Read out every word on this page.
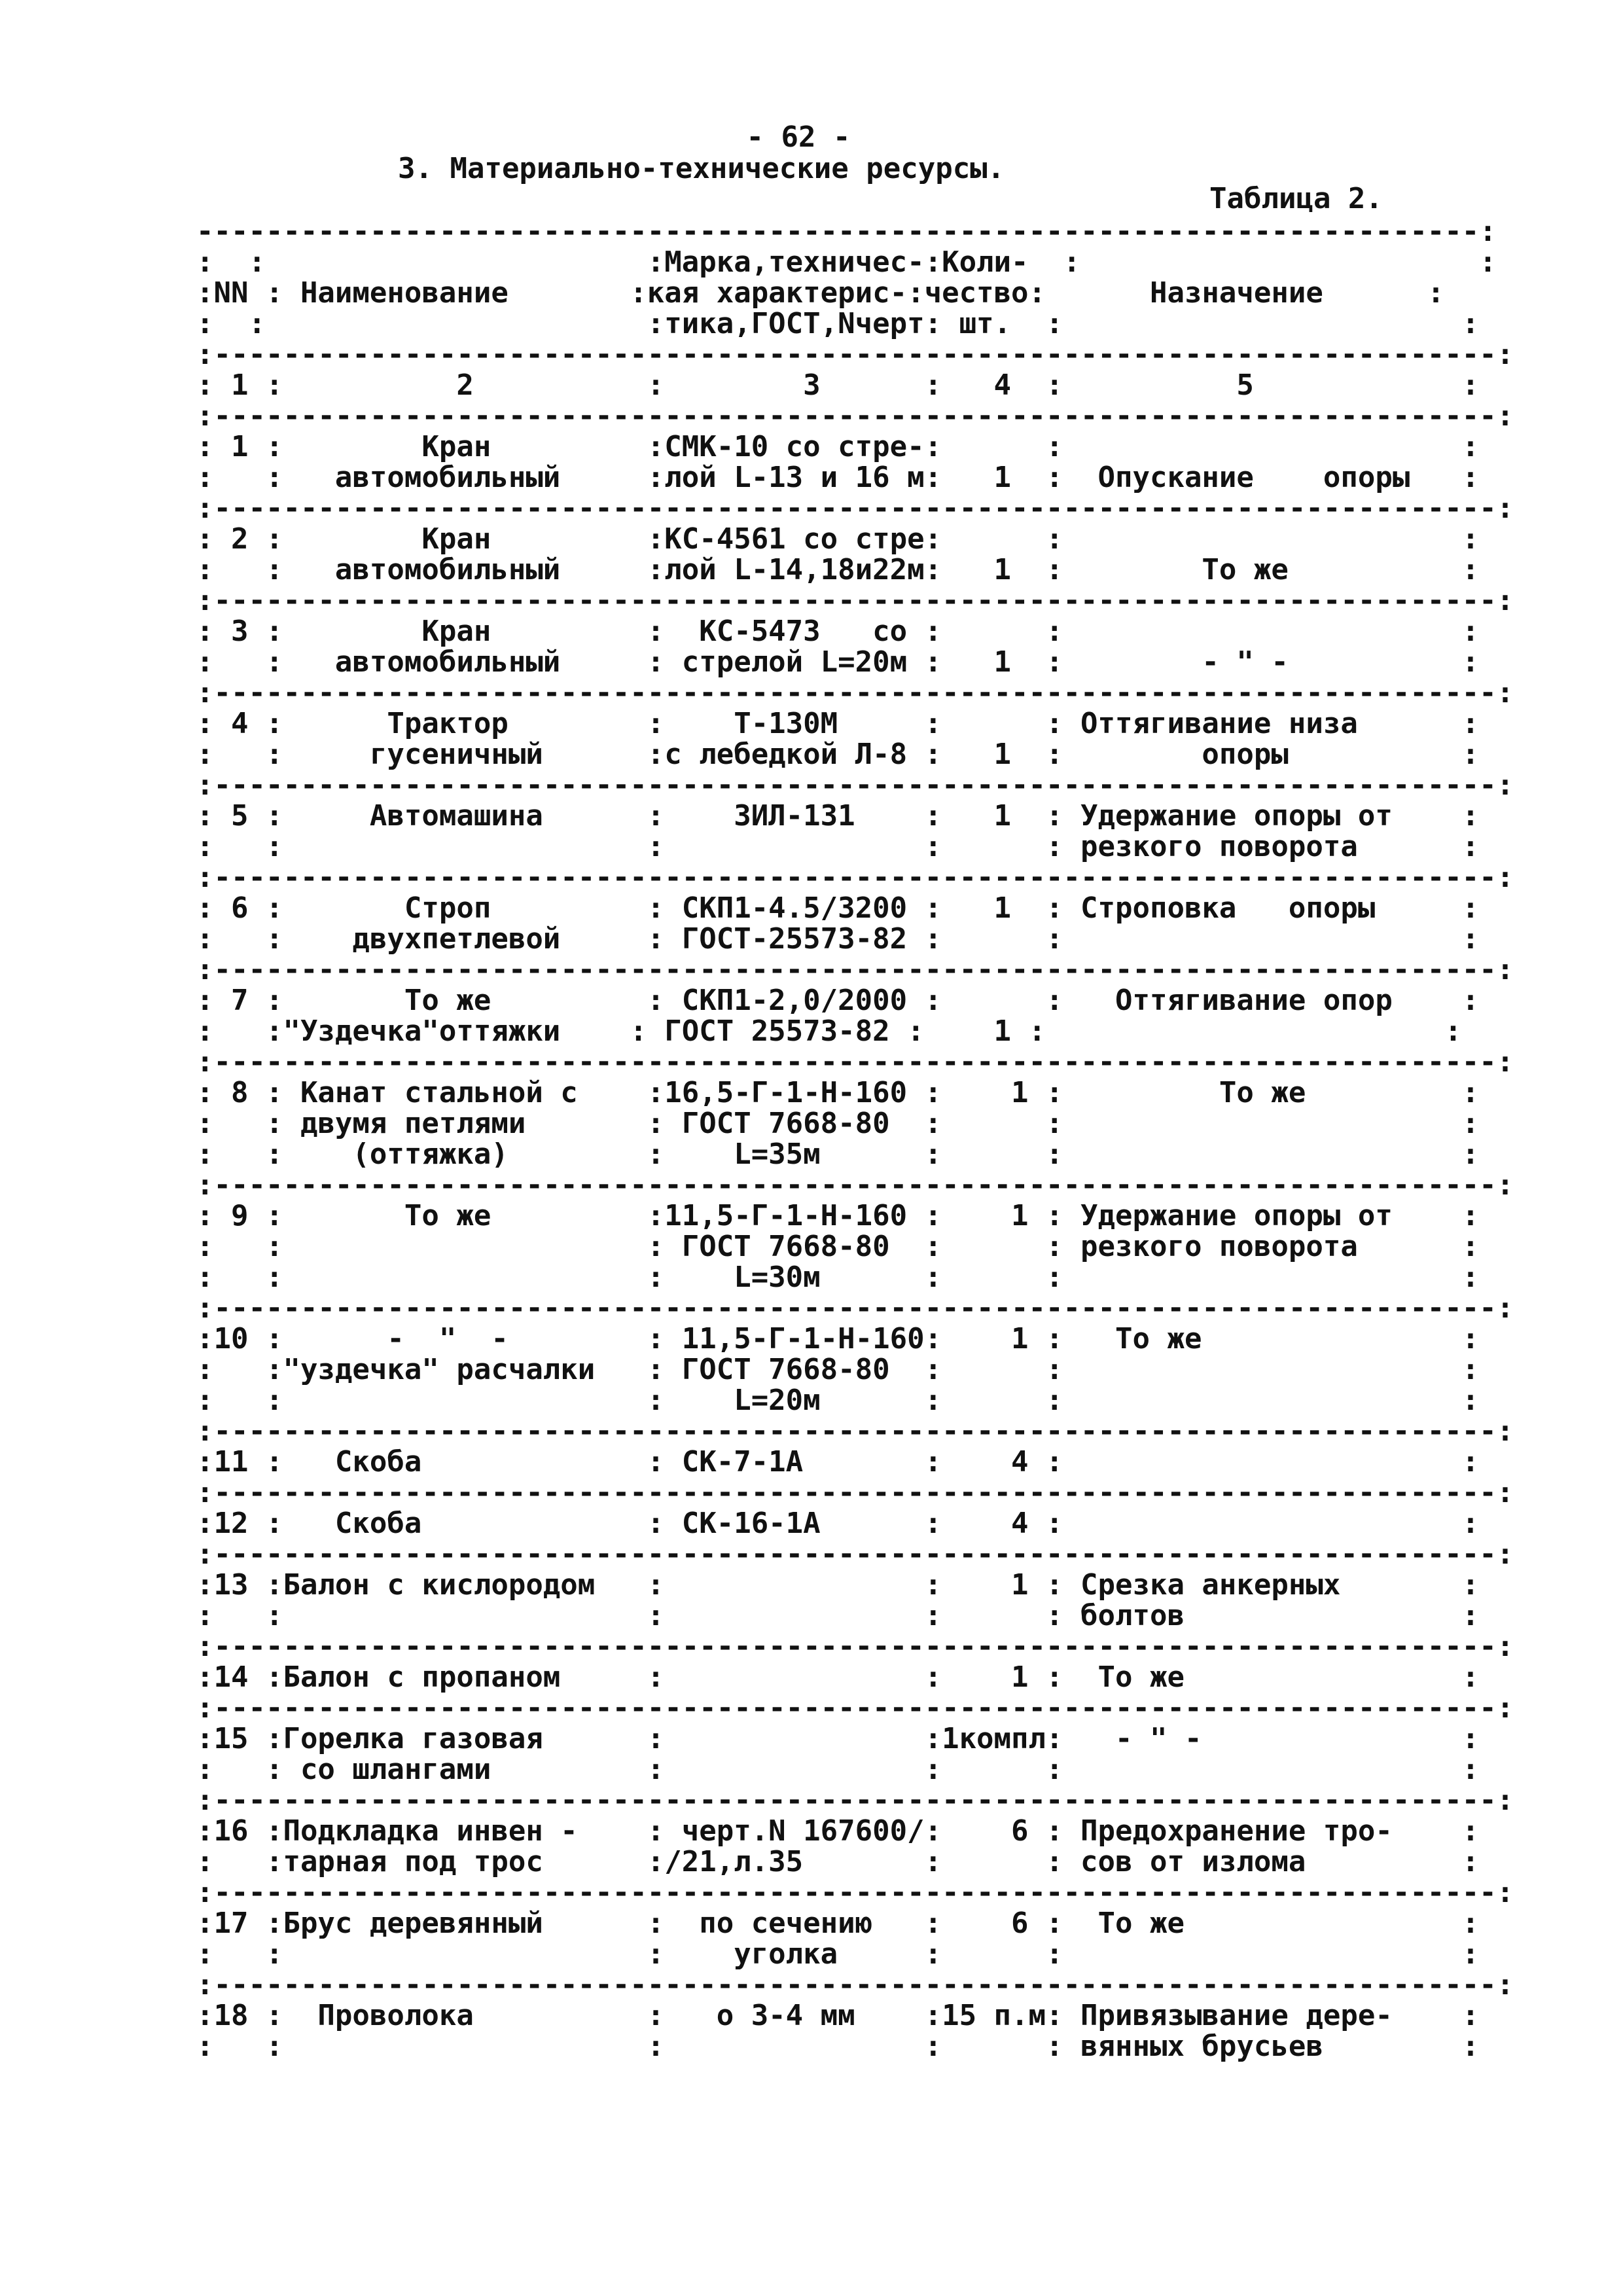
- 62 -
3. Материально-технические ресурсы.
Таблица 2.
--------------------------------------------------------------------------:
:  :                      :Марка,техничес-:Коли-  :                       :
:NN : Наименование       :кая характерис-:чество:      Назначение      :
:  :                      :тика,ГОСТ,Nчерт: шт.  :                       :
:--------------------------------------------------------------------------:
: 1 :          2          :        3      :   4  :          5            :
:--------------------------------------------------------------------------:
: 1 :        Кран         :СМК-10 со стре-:      :                       :
:   :   автомобильный     :лой L-13 и 16 м:   1  :  Опускание    опоры   :
:--------------------------------------------------------------------------:
: 2 :        Кран         :КС-4561 со стре:      :                       :
:   :   автомобильный     :лой L-14,18и22м:   1  :        То же          :
:--------------------------------------------------------------------------:
: 3 :        Кран         :  КС-5473   со :      :                       :
:   :   автомобильный     : стрелой L=20м :   1  :        - " -          :
:--------------------------------------------------------------------------:
: 4 :      Трактор        :    Т-130М     :      : Оттягивание низа      :
:   :     гусеничный      :с лебедкой Л-8 :   1  :        опоры          :
:--------------------------------------------------------------------------:
: 5 :     Автомашина      :    ЗИЛ-131    :   1  : Удержание опоры от    :
:   :                     :               :      : резкого поворота      :
:--------------------------------------------------------------------------:
: 6 :       Строп         : СКП1-4.5/3200 :   1  : Строповка   опоры     :
:   :    двухпетлевой     : ГОСТ-25573-82 :      :                       :
:--------------------------------------------------------------------------:
: 7 :       То же         : СКП1-2,0/2000 :      :   Оттягивание опор    :
:   :"Уздечка"оттяжки    : ГОСТ 25573-82 :    1 :                       :
:--------------------------------------------------------------------------:
: 8 : Канат стальной с    :16,5-Г-1-Н-160 :    1 :         То же         :
:   : двумя петлями       : ГОСТ 7668-80  :      :                       :
:   :    (оттяжка)        :    L=35м      :      :                       :
:--------------------------------------------------------------------------:
: 9 :       То же         :11,5-Г-1-Н-160 :    1 : Удержание опоры от    :
:   :                     : ГОСТ 7668-80  :      : резкого поворота      :
:   :                     :    L=30м      :      :                       :
:--------------------------------------------------------------------------:
:10 :      -  "  -        : 11,5-Г-1-Н-160:    1 :   То же               :
:   :"уздечка" расчалки   : ГОСТ 7668-80  :      :                       :
:   :                     :    L=20м      :      :                       :
:--------------------------------------------------------------------------:
:11 :   Скоба             : СК-7-1А       :    4 :                       :
:--------------------------------------------------------------------------:
:12 :   Скоба             : СК-16-1А      :    4 :                       :
:--------------------------------------------------------------------------:
:13 :Балон с кислородом   :               :    1 : Срезка анкерных       :
:   :                     :               :      : болтов                :
:--------------------------------------------------------------------------:
:14 :Балон с пропаном     :               :    1 :  То же                :
:--------------------------------------------------------------------------:
:15 :Горелка газовая      :               :1компл:   - " -               :
:   : со шлангами         :               :      :                       :
:--------------------------------------------------------------------------:
:16 :Подкладка инвен -    : черт.N 167600/:    6 : Предохранение тро-    :
:   :тарная под трос      :/21,л.35       :      : сов от излома         :
:--------------------------------------------------------------------------:
:17 :Брус деревянный      :  по сечению   :    6 :  То же                :
:   :                     :    уголка     :      :                       :
:--------------------------------------------------------------------------:
:18 :  Проволока          :   о 3-4 мм    :15 п.м: Привязывание дере-    :
:   :                     :               :      : вянных брусьев        :
